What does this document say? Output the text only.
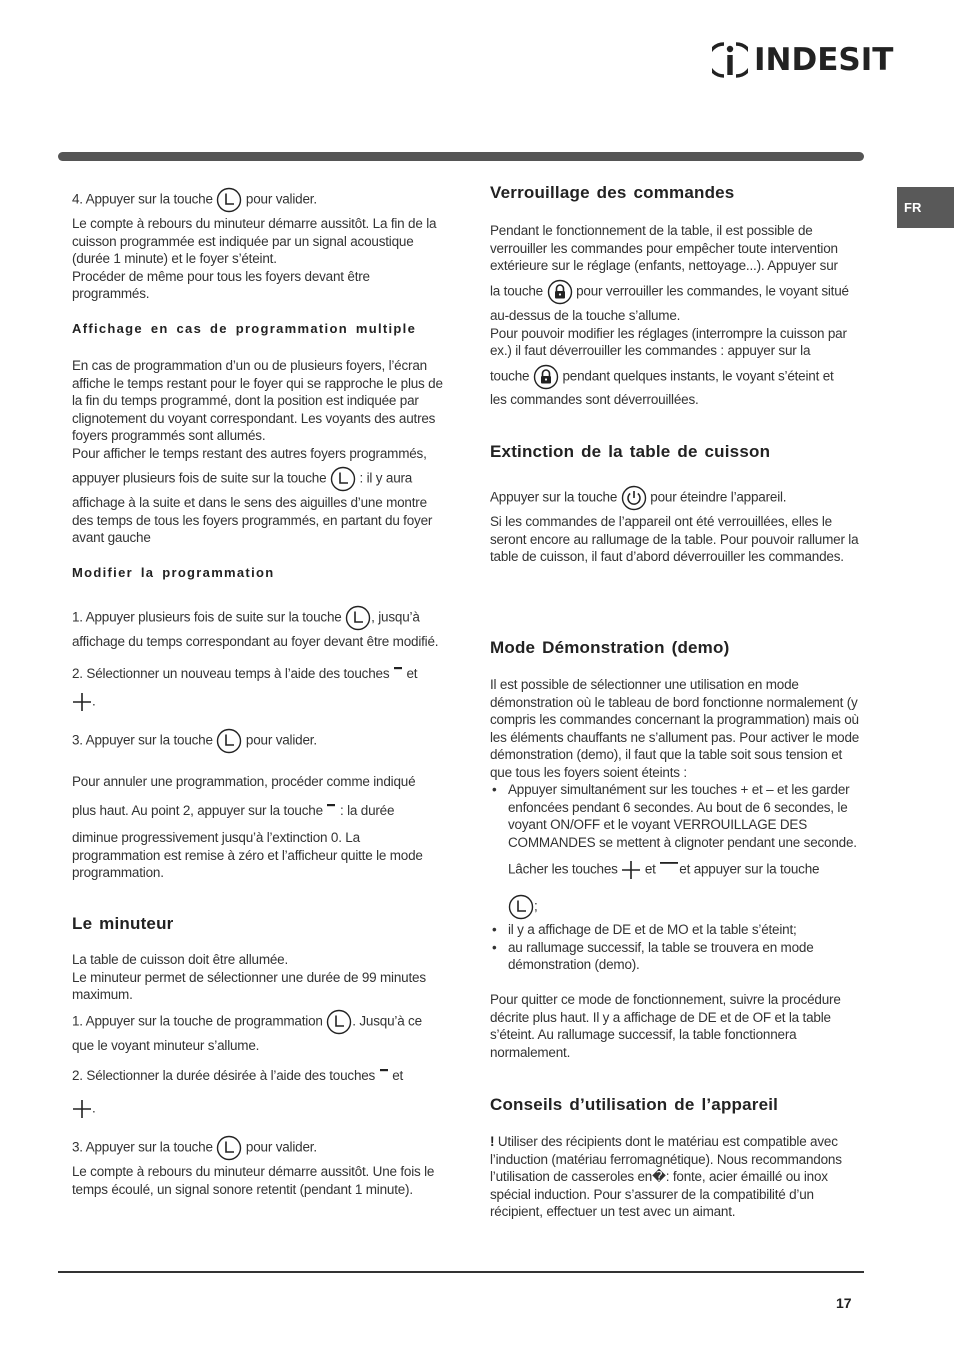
INDESIT
FR
4. Appuyer sur la touche pour valider.

Le compte à rebours du minuteur démarre aussitôt. La fin de la cuisson programmée est indiquée par un signal acoustique (durée 1 minute) et le foyer s’éteint.

Procéder de même pour tous les foyers devant être programmés.

Affichage en cas de programmation multiple

En cas de programmation d’un ou de plusieurs foyers, l’écran affiche le temps restant pour le foyer qui se rapproche le plus de la fin du temps programmé, dont la position est indiquée par clignotement du voyant correspondant. Les voyants des autres foyers programmés sont allumés.

Pour afficher le temps restant des autres foyers programmés,

appuyer plusieurs fois de suite sur la touche : il y aura

affichage à la suite et dans le sens des aiguilles d’une montre des temps de tous les foyers programmés, en partant du foyer avant gauche

Modifier la programmation
1. Appuyer plusieurs fois de suite sur la touche , jusqu’à

affichage du temps correspondant au foyer devant être modifié.

2. Sélectionner un nouveau temps à l’aide des touches et
.
3. Appuyer sur la touche pour valider.

Pour annuler une programmation, procéder comme indiqué

plus haut. Au point 2, appuyer sur la touche : la durée

diminue progressivement jusqu’à l’extinction 0. La programmation est remise à zéro et l’afficheur quitte le mode programmation.

Le minuteur

La table de cuisson doit être allumée.

Le minuteur permet de sélectionner une durée de 99 minutes maximum.

1. Appuyer sur la touche de programmation . Jusqu’à ce

que le voyant minuteur s’allume.

2. Sélectionner la durée désirée à l’aide des touches et
.
3. Appuyer sur la touche pour valider.

Le compte à rebours du minuteur démarre aussitôt. Une fois le temps écoulé, un signal sonore retentit (pendant 1 minute).

Verrouillage des commandes

Pendant le fonctionnement de la table, il est possible de verrouiller les commandes pour empêcher toute intervention extérieure sur le réglage (enfants, nettoyage...). Appuyer sur

la touche pour verrouiller les commandes, le voyant situé

au-dessus de la touche s’allume.

Pour pouvoir modifier les réglages (interrompre la cuisson par ex.) il faut déverrouiller les commandes : appuyer sur la

touche pendant quelques instants, le voyant s’éteint et

les commandes sont déverrouillées.

Extinction de la table de cuisson
Appuyer sur la touche pour éteindre l’appareil.

Si les commandes de l’appareil ont été verrouillées, elles le seront encore au rallumage de la table. Pour pouvoir rallumer la table de cuisson, il faut d’abord déverrouiller les commandes.

Mode Démonstration (demo)

Il est possible de sélectionner une utilisation en mode démonstration où le tableau de bord fonctionne normalement (y compris les commandes concernant la programmation) mais où les éléments chauffants ne s’allument pas. Pour activer le mode démonstration (demo), il faut que la table soit sous tension et que tous les foyers soient éteints :

• Appuyer simultanément sur les touches + et – et les garder enfoncées pendant 6 secondes. Au bout de 6 secondes, le voyant ON/OFF et le voyant VERROUILLAGE DES COMMANDES se mettent à clignoter pendant une seconde.
Lâcher les touches et et appuyer sur la touche
;
• il y a affichage de DE et de MO et la table s’éteint;
• au rallumage successif, la table se trouvera en mode démonstration (demo).

Pour quitter ce mode de fonctionnement, suivre la procédure décrite plus haut. Il y a affichage de DE et de OF et la table s’éteint. Au rallumage successif, la table fonctionnera normalement.

Conseils d’utilisation de l’appareil

! Utiliser des récipients dont le matériau est compatible avec l’induction (matériau ferromagnétique). Nous recommandons l’utilisation de casseroles en�: fonte, acier émaillé ou inox spécial induction. Pour s’assurer de la compatibilité d’un récipient, effectuer un test avec un aimant.

17
